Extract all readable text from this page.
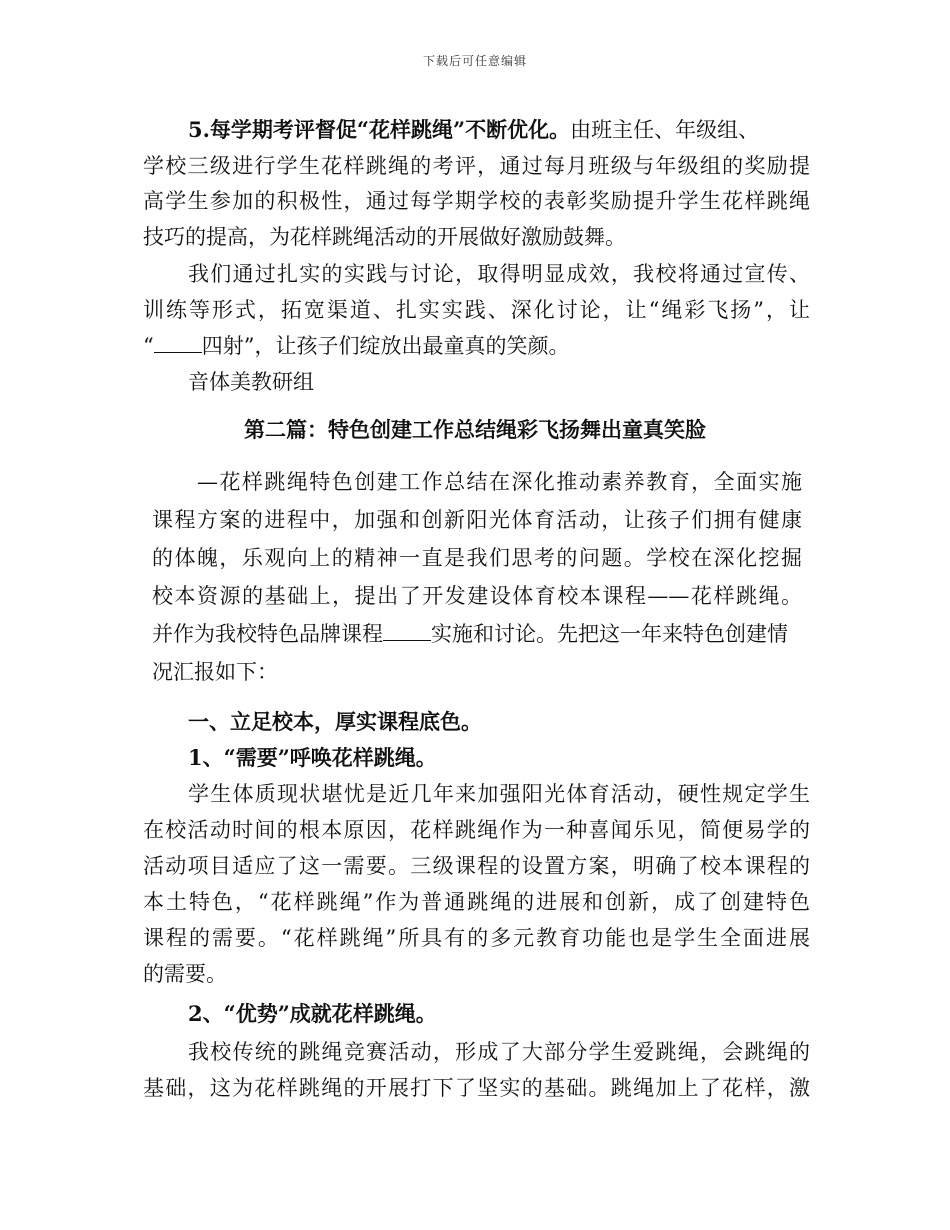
下载后可任意编辑
5.每学期考评督促“花样跳绳”不断优化。由班主任、年级组、
学校三级进行学生花样跳绳的考评，通过每月班级与年级组的奖励提
高学生参加的积极性，通过每学期学校的表彰奖励提升学生花样跳绳
技巧的提高，为花样跳绳活动的开展做好激励鼓舞。
我们通过扎实的实践与讨论，取得明显成效，我校将通过宣传、
训练等形式，拓宽渠道、扎实实践、深化讨论，让“绳彩飞扬”，让
“ 四射”，让孩子们绽放出最童真的笑颜。
音体美教研组
第二篇：特色创建工作总结绳彩飞扬舞出童真笑脸
—花样跳绳特色创建工作总结在深化推动素养教育，全面实施
课程方案的进程中，加强和创新阳光体育活动，让孩子们拥有健康
的体魄，乐观向上的精神一直是我们思考的问题。学校在深化挖掘
校本资源的基础上，提出了开发建设体育校本课程——花样跳绳。
并作为我校特色品牌课程 实施和讨论。先把这一年来特色创建情
况汇报如下：
一、立足校本，厚实课程底色。
1、“需要”呼唤花样跳绳。
学生体质现状堪忧是近几年来加强阳光体育活动，硬性规定学生
在校活动时间的根本原因，花样跳绳作为一种喜闻乐见，简便易学的
活动项目适应了这一需要。三级课程的设置方案，明确了校本课程的
本土特色，“花样跳绳”作为普通跳绳的进展和创新，成了创建特色
课程的需要。“花样跳绳”所具有的多元教育功能也是学生全面进展
的需要。
2、“优势”成就花样跳绳。
我校传统的跳绳竞赛活动，形成了大部分学生爱跳绳，会跳绳的
基础，这为花样跳绳的开展打下了坚实的基础。跳绳加上了花样，激
